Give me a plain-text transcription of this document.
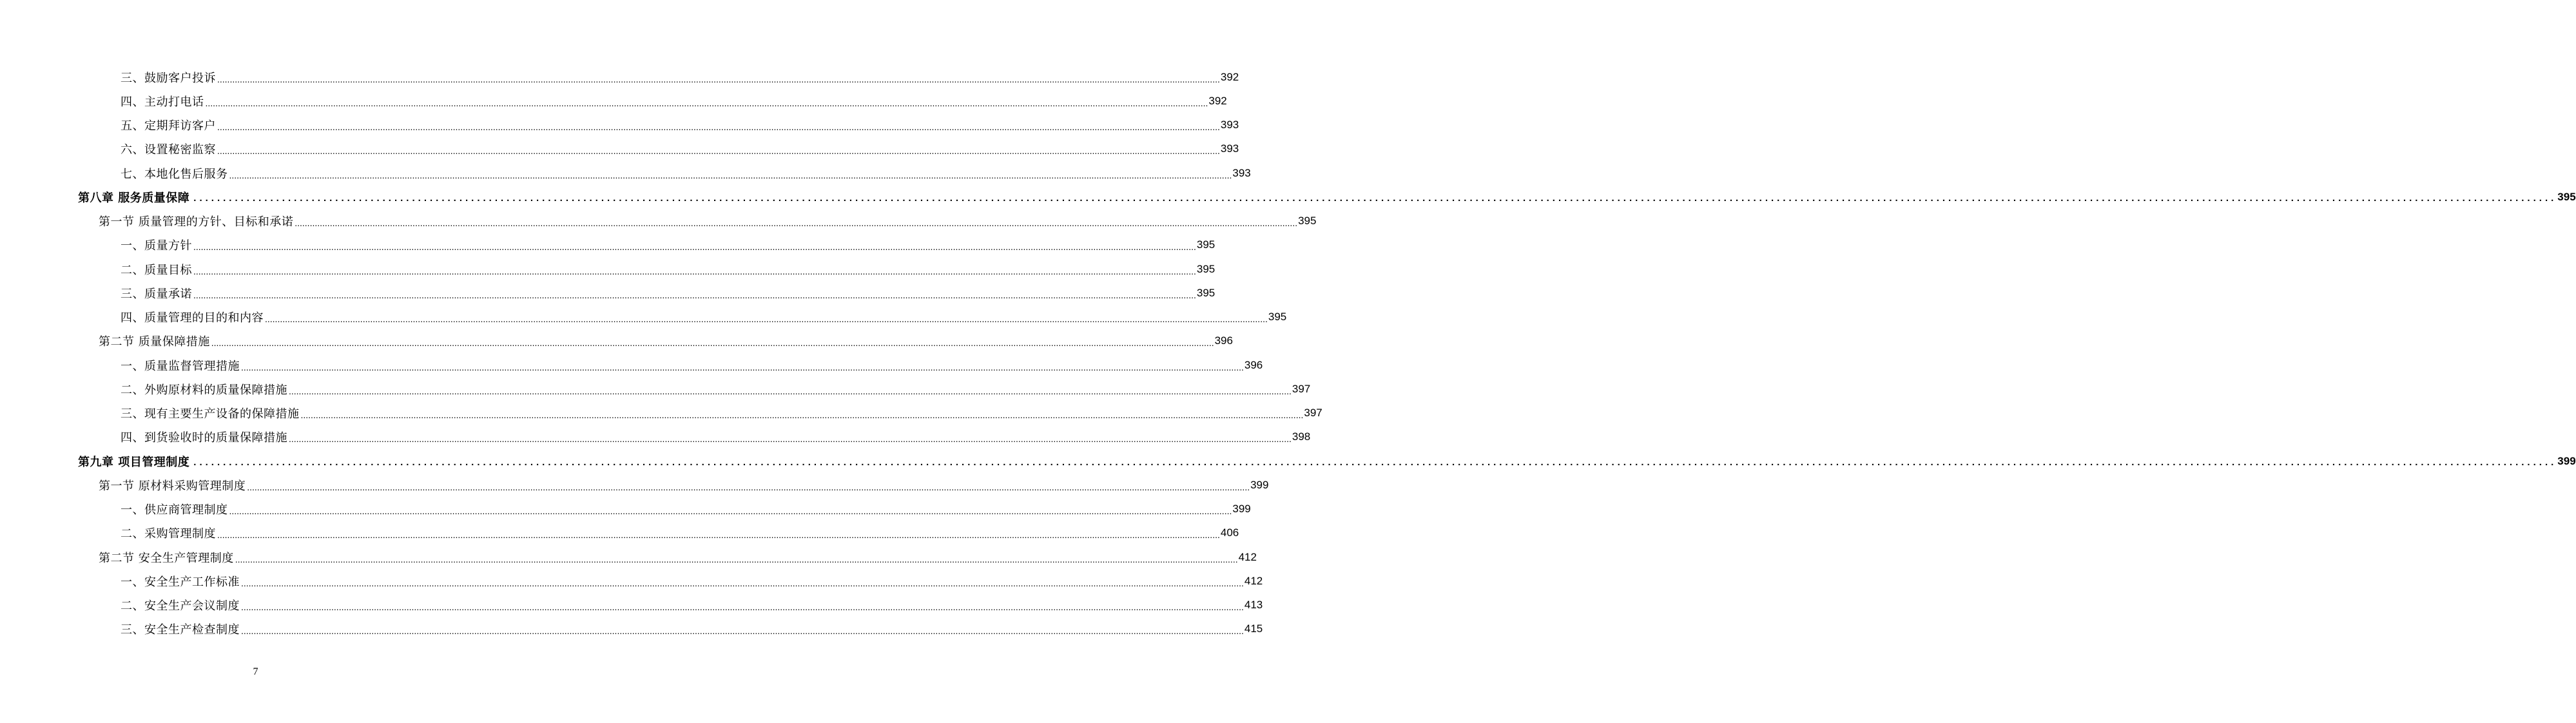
三、鼓励客户投诉 ................................................................................................................................................................................................................................................................................................................................................................................................................ 392
四、主动打电话 ................................................................................................................................................................................................................................................................................................................................................................................................................ 392
五、定期拜访客户 ................................................................................................................................................................................................................................................................................................................................................................................................................ 393
六、设置秘密监察 ................................................................................................................................................................................................................................................................................................................................................................................................................ 393
七、本地化售后服务 ................................................................................................................................................................................................................................................................................................................................................................................................................ 393
第八章 服务质量保障 ................................................................................................................................................................................................................................................................................................................................................................................................................ 395
第一节 质量管理的方针、目标和承诺 ................................................................................................................................................................................................................................................................................................................................................................................................................ 395
一、质量方针 ................................................................................................................................................................................................................................................................................................................................................................................................................ 395
二、质量目标 ................................................................................................................................................................................................................................................................................................................................................................................................................ 395
三、质量承诺 ................................................................................................................................................................................................................................................................................................................................................................................................................ 395
四、质量管理的目的和内容 ................................................................................................................................................................................................................................................................................................................................................................................................................ 395
第二节 质量保障措施 ................................................................................................................................................................................................................................................................................................................................................................................................................ 396
一、质量监督管理措施 ................................................................................................................................................................................................................................................................................................................................................................................................................ 396
二、外购原材料的质量保障措施 ................................................................................................................................................................................................................................................................................................................................................................................................................ 397
三、现有主要生产设备的保障措施 ................................................................................................................................................................................................................................................................................................................................................................................................................ 397
四、到货验收时的质量保障措施 ................................................................................................................................................................................................................................................................................................................................................................................................................ 398
第九章 项目管理制度 ................................................................................................................................................................................................................................................................................................................................................................................................................ 399
第一节 原材料采购管理制度 ................................................................................................................................................................................................................................................................................................................................................................................................................ 399
一、供应商管理制度 ................................................................................................................................................................................................................................................................................................................................................................................................................ 399
二、采购管理制度 ................................................................................................................................................................................................................................................................................................................................................................................................................ 406
第二节 安全生产管理制度 ................................................................................................................................................................................................................................................................................................................................................................................................................ 412
一、安全生产工作标准 ................................................................................................................................................................................................................................................................................................................................................................................................................ 412
二、安全生产会议制度 ................................................................................................................................................................................................................................................................................................................................................................................................................ 413
三、安全生产检查制度 ................................................................................................................................................................................................................................................................................................................................................................................................................ 415
7
